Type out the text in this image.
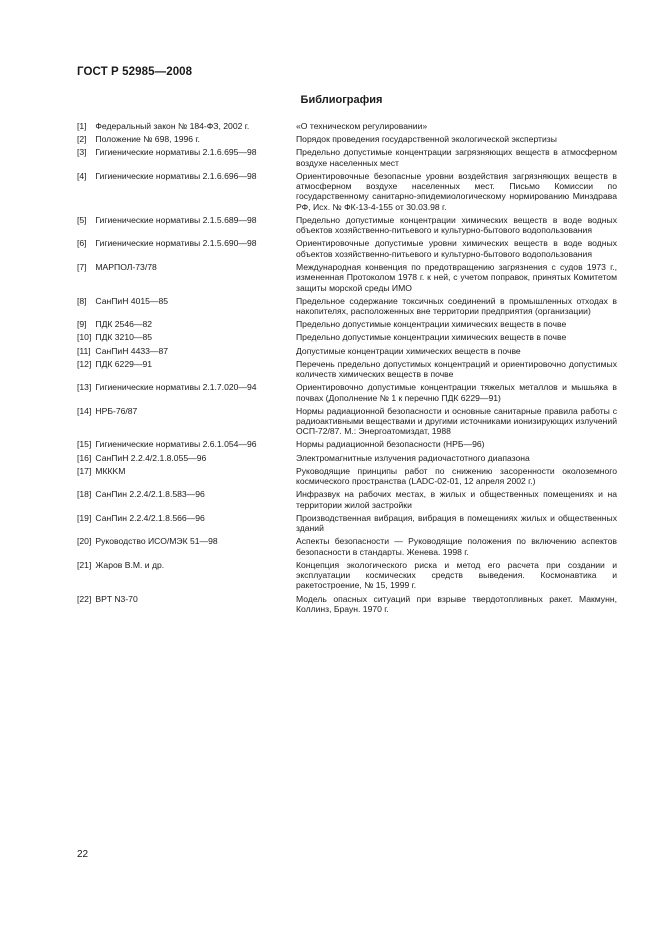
ГОСТ Р 52985—2008
Библиография
[1] Федеральный закон № 184-ФЗ, 2002 г.	«О техническом регулировании»
[2] Положение № 698, 1996 г.	Порядок проведения государственной экологической экспертизы
[3] Гигиенические нормативы 2.1.6.695—98	Предельно допустимые концентрации загрязняющих веществ в атмосферном воздухе населенных мест
[4] Гигиенические нормативы 2.1.6.696—98	Ориентировочные безопасные уровни воздействия загрязняющих веществ в атмосферном воздухе населенных мест. Письмо Комиссии по государственному санитарно-эпидемиологическому нормированию Минздрава РФ, Исх. № ФК-13-4-155 от 30.03.98 г.
[5] Гигиенические нормативы 2.1.5.689—98	Предельно допустимые концентрации химических веществ в воде водных объектов хозяйственно-питьевого и культурно-бытового водопользования
[6] Гигиенические нормативы 2.1.5.690—98	Ориентировочные допустимые уровни химических веществ в воде водных объектов хозяйственно-питьевого и культурно-бытового водопользования
[7] МАРПОЛ-73/78	Международная конвенция по предотвращению загрязнения с судов 1973 г., измененная Протоколом 1978 г. к ней, с учетом поправок, принятых Комитетом защиты морской среды ИМО
[8] СанПиН 4015—85	Предельное содержание токсичных соединений в промышленных отходах в накопителях, расположенных вне территории предприятия (организации)
[9] ПДК 2546—82	Предельно допустимые концентрации химических веществ в почве
[10] ПДК 3210—85	Предельно допустимые концентрации химических веществ в почве
[11] СанПиН 4433—87	Допустимые концентрации химических веществ в почве
[12] ПДК 6229—91	Перечень предельно допустимых концентраций и ориентировочно допустимых количеств химических веществ в почве
[13] Гигиенические нормативы 2.1.7.020—94	Ориентировочно допустимые концентрации тяжелых металлов и мышьяка в почвах (Дополнение № 1 к перечню ПДК 6229—91)
[14] НРБ-76/87	Нормы радиационной безопасности и основные санитарные правила работы с радиоактивными веществами и другими источниками ионизирующих излучений ОСП-72/87. М.: Энергоатомиздат, 1988
[15] Гигиенические нормативы 2.6.1.054—96	Нормы радиационной безопасности (НРБ—96)
[16] СанПиН 2.2.4/2.1.8.055—96	Электромагнитные излучения радиочастотного диапазона
[17] МККKM	Руководящие принципы работ по снижению засоренности околоземного космического пространства (LADC-02-01, 12 апреля 2002 г.)
[18] СанПин 2.2.4/2.1.8.583—96	Инфразвук на рабочих местах, в жилых и общественных помещениях и на территории жилой застройки
[19] СанПин 2.2.4/2.1.8.566—96	Производственная вибрация, вибрация в помещениях жилых и общественных зданий
[20] Руководство ИСО/МЭК 51—98	Аспекты безопасности — Руководящие положения по включению аспектов безопасности в стандарты. Женева. 1998 г.
[21] Жаров В.М. и др.	Концепция экологического риска и метод его расчета при создании и эксплуатации космических средств выведения. Космонавтика и ракетостроение, № 15, 1999 г.
[22] BPT N3-70	Модель опасных ситуаций при взрыве твердотопливных ракет. Макмунн, Коллинз, Браун. 1970 г.
22
